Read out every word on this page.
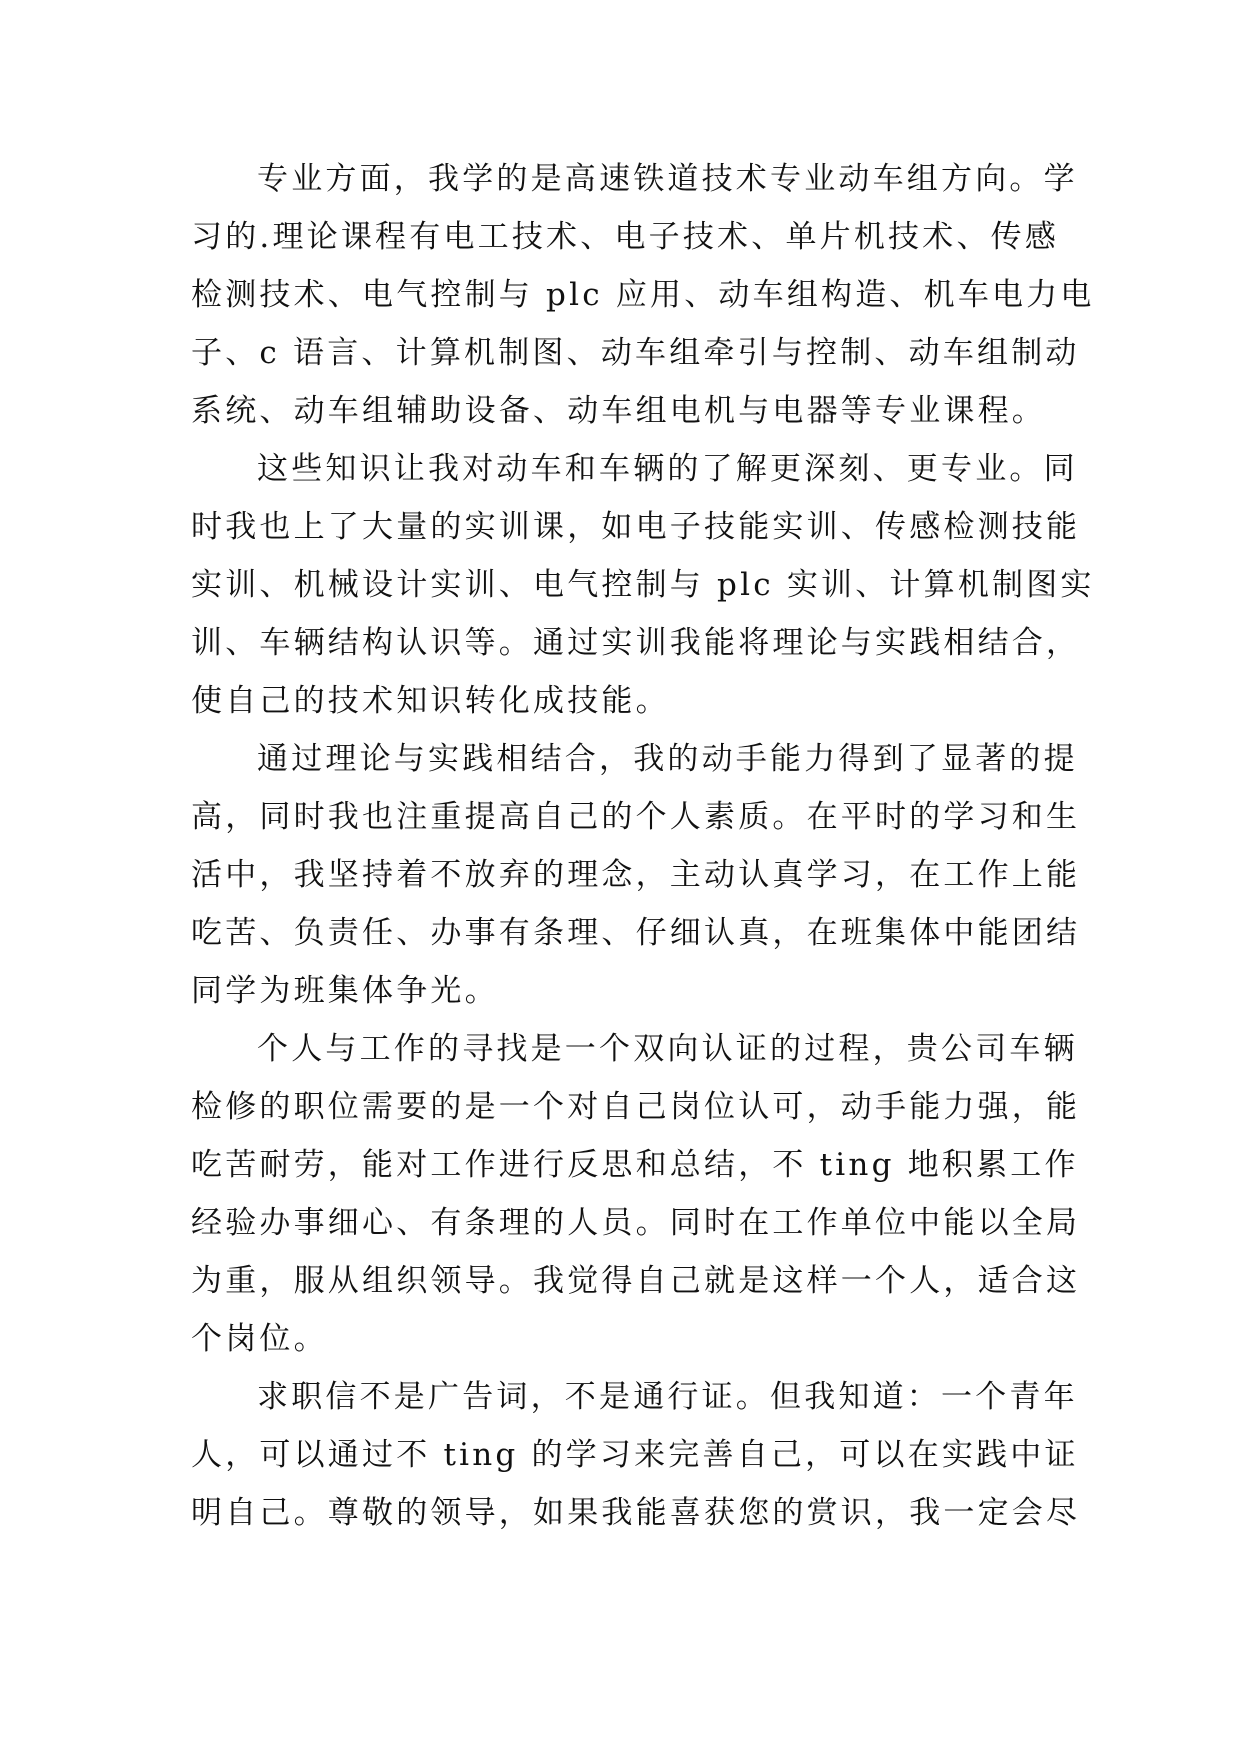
专业方面，我学的是高速铁道技术专业动车组方向。学
习的.理论课程有电工技术、电子技术、单片机技术、传感
检测技术、电气控制与 plc 应用、动车组构造、机车电力电
子、c 语言、计算机制图、动车组牵引与控制、动车组制动
系统、动车组辅助设备、动车组电机与电器等专业课程。
这些知识让我对动车和车辆的了解更深刻、更专业。同
时我也上了大量的实训课，如电子技能实训、传感检测技能
实训、机械设计实训、电气控制与 plc 实训、计算机制图实
训、车辆结构认识等。通过实训我能将理论与实践相结合，
使自己的技术知识转化成技能。
通过理论与实践相结合，我的动手能力得到了显著的提
高，同时我也注重提高自己的个人素质。在平时的学习和生
活中，我坚持着不放弃的理念，主动认真学习，在工作上能
吃苦、负责任、办事有条理、仔细认真，在班集体中能团结
同学为班集体争光。
个人与工作的寻找是一个双向认证的过程，贵公司车辆
检修的职位需要的是一个对自己岗位认可，动手能力强，能
吃苦耐劳，能对工作进行反思和总结，不 ting 地积累工作
经验办事细心、有条理的人员。同时在工作单位中能以全局
为重，服从组织领导。我觉得自己就是这样一个人，适合这
个岗位。
求职信不是广告词，不是通行证。但我知道：一个青年
人，可以通过不 ting 的学习来完善自己，可以在实践中证
明自己。尊敬的领导，如果我能喜获您的赏识，我一定会尽
